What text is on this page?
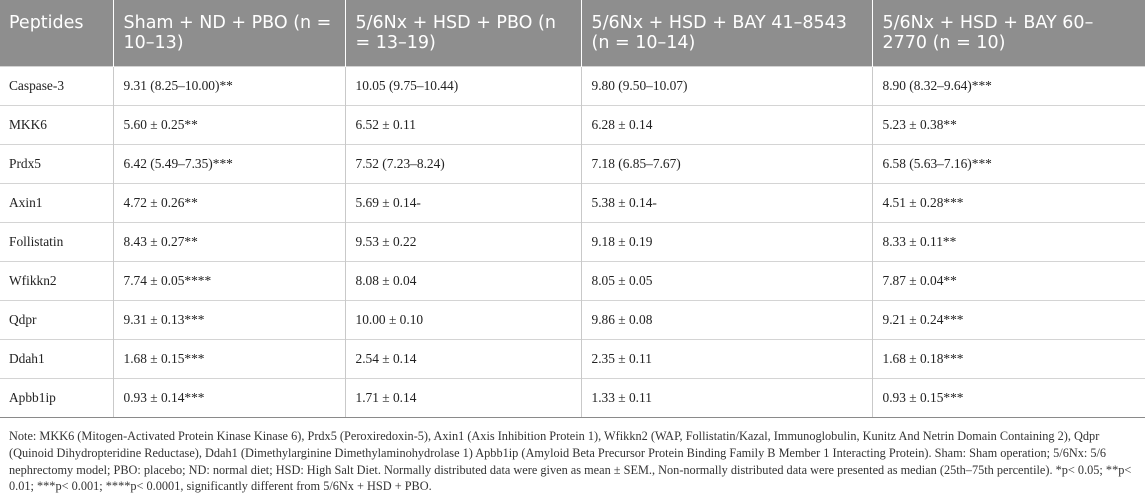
Peptides	Sham + ND + PBO (n = 10–13)	5/6Nx + HSD + PBO (n = 13–19)	5/6Nx + HSD + BAY 41–8543 (n = 10–14)	5/6Nx + HSD + BAY 60–2770 (n = 10)
Caspase-3	9.31 (8.25–10.00)**	10.05 (9.75–10.44)	9.80 (9.50–10.07)	8.90 (8.32–9.64)***
MKK6	5.60 ± 0.25**	6.52 ± 0.11	6.28 ± 0.14	5.23 ± 0.38**
Prdx5	6.42 (5.49–7.35)***	7.52 (7.23–8.24)	7.18 (6.85–7.67)	6.58 (5.63–7.16)***
Axin1	4.72 ± 0.26**	5.69 ± 0.14-	5.38 ± 0.14-	4.51 ± 0.28***
Follistatin	8.43 ± 0.27**	9.53 ± 0.22	9.18 ± 0.19	8.33 ± 0.11**
Wfikkn2	7.74 ± 0.05****	8.08 ± 0.04	8.05 ± 0.05	7.87 ± 0.04**
Qdpr	9.31 ± 0.13***	10.00 ± 0.10	9.86 ± 0.08	9.21 ± 0.24***
Ddah1	1.68 ± 0.15***	2.54 ± 0.14	2.35 ± 0.11	1.68 ± 0.18***
Apbb1ip	0.93 ± 0.14***	1.71 ± 0.14	1.33 ± 0.11	0.93 ± 0.15***
Note: MKK6 (Mitogen-Activated Protein Kinase Kinase 6), Prdx5 (Peroxiredoxin-5), Axin1 (Axis Inhibition Protein 1), Wfikkn2 (WAP, Follistatin/Kazal, Immunoglobulin, Kunitz And Netrin Domain Containing 2), Qdpr (Quinoid Dihydropteridine Reductase), Ddah1 (Dimethylarginine Dimethylaminohydrolase 1) Apbb1ip (Amyloid Beta Precursor Protein Binding Family B Member 1 Interacting Protein). Sham: Sham operation; 5/6Nx: 5/6 nephrectomy model; PBO: placebo; ND: normal diet; HSD: High Salt Diet. Normally distributed data were given as mean ± SEM., Non-normally distributed data were presented as median (25th–75th percentile). *p< 0.05; **p< 0.01; ***p< 0.001; ****p< 0.0001, significantly different from 5/6Nx + HSD + PBO.
